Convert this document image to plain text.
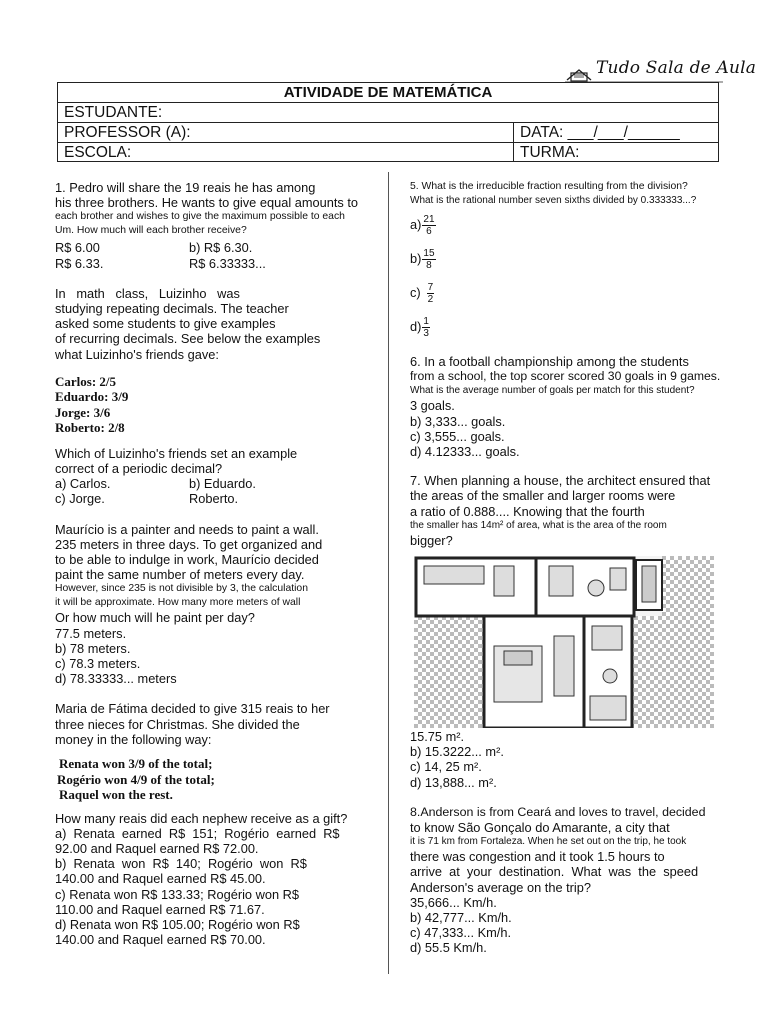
Tudo Sala de Aula
ATIVIDADE DE MATEMÁTICA
ESTUDANTE:
PROFESSOR (A):	DATA: ___/___/______
ESCOLA:	TURMA:

1. Pedro will share the 19 reais he has among

his three brothers. He wants to give equal amounts to

each brother and wishes to give the maximum possible to each

Um. How much will each brother receive?

R$ 6.00	b) R$ 6.30.
R$ 6.33.	R$ 6.33333...

In   math   class,   Luizinho   was

studying repeating decimals. The teacher

asked some students to give examples

of recurring decimals. See below the examples

what Luizinho's friends gave:

Carlos: 2/5

Eduardo: 3/9

Jorge: 3/6

Roberto: 2/8

Which of Luizinho's friends set an example

correct of a periodic decimal?

a) Carlos.	b) Eduardo.
c) Jorge.	Roberto.

Maurício is a painter and needs to paint a wall.

235 meters in three days. To get organized and

to be able to indulge in work, Maurício decided

paint the same number of meters every day.

However, since 235 is not divisible by 3, the calculation

it will be approximate. How many more meters of wall

Or how much will he paint per day?

77.5 meters.

b) 78 meters.

c) 78.3 meters.

d) 78.33333... meters

Maria de Fátima decided to give 315 reais to her

three nieces for Christmas. She divided the

money in the following way:

Renata won 3/9 of the total;

Rogério won 4/9 of the total;

Raquel won the rest.

How many reais did each nephew receive as a gift?

a)  Renata  earned  R$  151;  Rogério  earned  R$

92.00 and Raquel earned R$ 72.00.

b)  Renata  won  R$  140;  Rogério  won  R$

140.00 and Raquel earned R$ 45.00.

c) Renata won R$ 133.33; Rogério won R$

110.00 and Raquel earned R$ 71.67.

d) Renata won R$ 105.00; Rogério won R$

140.00 and Raquel earned R$ 70.00.

5. What is the irreducible fraction resulting from the division?

What is the rational number seven sixths divided by 0.333333...?

$a) \frac{21}{6}$
$b) \frac{15}{8}$
$c) \frac{7}{2}$
$d) \frac{1}{3}$

6. In a football championship among the students

from a school, the top scorer scored 30 goals in 9 games.

What is the average number of goals per match for this student?

3 goals.

b) 3,333... goals.

c) 3,555... goals.

d) 4.12333... goals.

7. When planning a house, the architect ensured that

the areas of the smaller and larger rooms were

a ratio of 0.888.... Knowing that the fourth

the smaller has 14m² of area, what is the area of the room

bigger?

15.75 m².

b) 15.3222... m².

c) 14, 25 m².

d) 13,888... m².

8.Anderson is from Ceará and loves to travel, decided

to know São Gonçalo do Amarante, a city that

it is 71 km from Fortaleza. When he set out on the trip, he took

there was congestion and it took 1.5 hours to

arrive  at  your  destination.  What  was  the  speed

Anderson's average on the trip?

35,666... Km/h.

b) 42,777... Km/h.

c) 47,333... Km/h.

d) 55.5 Km/h.
